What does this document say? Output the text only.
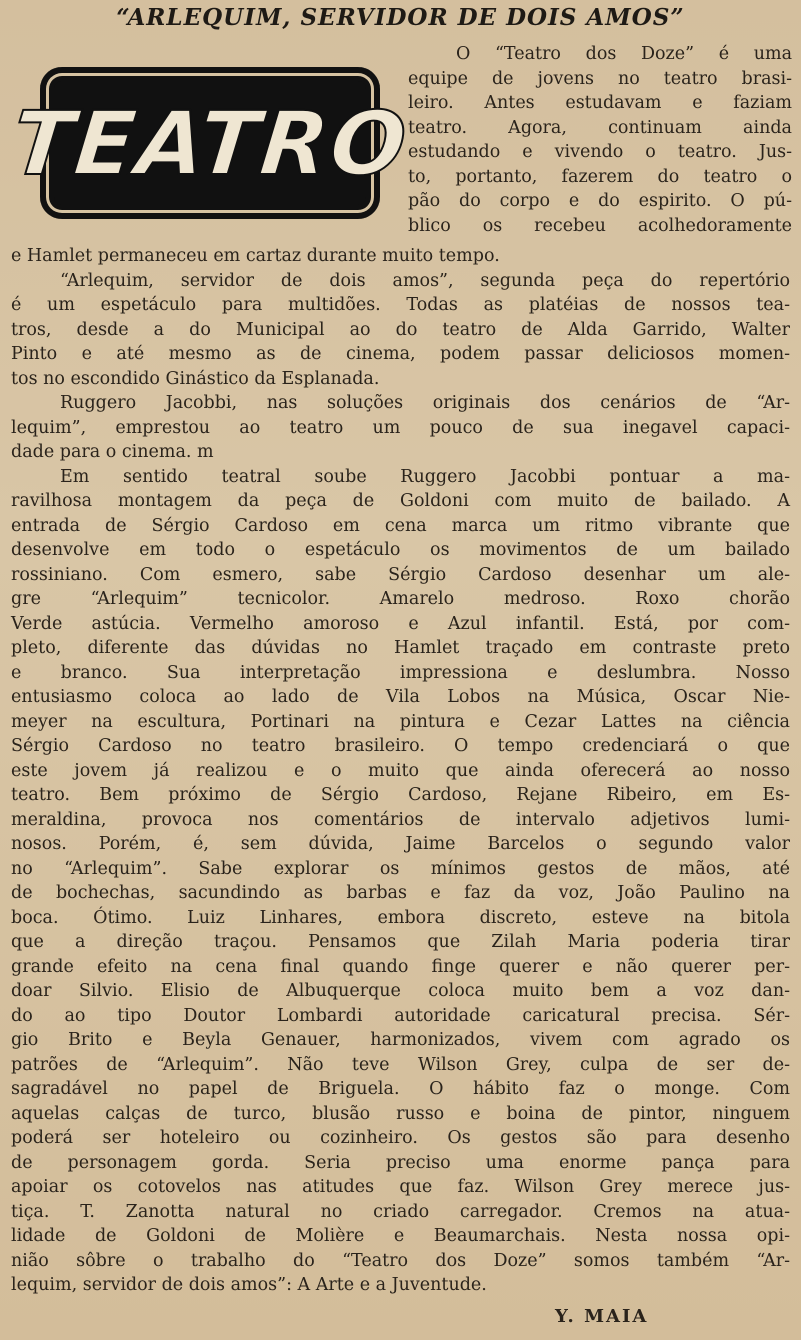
“ARLEQUIM, SERVIDOR DE DOIS AMOS”
TEATRO
O “Teatro dos Doze” é uma
equipe de jovens no teatro brasi-
leiro. Antes estudavam e faziam
teatro. Agora, continuam ainda
estudando e vivendo o teatro. Jus-
to, portanto, fazerem do teatro o
pão do corpo e do espirito. O pú-
blico os recebeu acolhedoramente
e Hamlet permaneceu em cartaz durante muito tempo.
“Arlequim, servidor de dois amos”, segunda peça do repertório
é um espetáculo para multidões. Todas as platéias de nossos tea-
tros, desde a do Municipal ao do teatro de Alda Garrido, Walter
Pinto e até mesmo as de cinema, podem passar deliciosos momen-
tos no escondido Ginástico da Esplanada.
Ruggero Jacobbi, nas soluções originais dos cenários de “Ar-
lequim”, emprestou ao teatro um pouco de sua inegavel capaci-
dade para o cinema. m
Em sentido teatral soube Ruggero Jacobbi pontuar a ma-
ravilhosa montagem da peça de Goldoni com muito de bailado. A
entrada de Sérgio Cardoso em cena marca um ritmo vibrante que
desenvolve em todo o espetáculo os movimentos de um bailado
rossiniano. Com esmero, sabe Sérgio Cardoso desenhar um ale-
gre “Arlequim” tecnicolor. Amarelo medroso. Roxo chorão
Verde astúcia. Vermelho amoroso e Azul infantil. Está, por com-
pleto, diferente das dúvidas no Hamlet traçado em contraste preto
e branco. Sua interpretação impressiona e deslumbra. Nosso
entusiasmo coloca ao lado de Vila Lobos na Música, Oscar Nie-
meyer na escultura, Portinari na pintura e Cezar Lattes na ciência
Sérgio Cardoso no teatro brasileiro. O tempo credenciará o que
este jovem já realizou e o muito que ainda oferecerá ao nosso
teatro. Bem próximo de Sérgio Cardoso, Rejane Ribeiro, em Es-
meraldina, provoca nos comentários de intervalo adjetivos lumi-
nosos. Porém, é, sem dúvida, Jaime Barcelos o segundo valor
no “Arlequim”. Sabe explorar os mínimos gestos de mãos, até
de bochechas, sacundindo as barbas e faz da voz, João Paulino na
boca. Ótimo. Luiz Linhares, embora discreto, esteve na bitola
que a direção traçou. Pensamos que Zilah Maria poderia tirar
grande efeito na cena final quando finge querer e não querer per-
doar Silvio. Elisio de Albuquerque coloca muito bem a voz dan-
do ao tipo Doutor Lombardi autoridade caricatural precisa. Sér-
gio Brito e Beyla Genauer, harmonizados, vivem com agrado os
patrões de “Arlequim”. Não teve Wilson Grey, culpa de ser de-
sagradável no papel de Briguela. O hábito faz o monge. Com
aquelas calças de turco, blusão russo e boina de pintor, ninguem
poderá ser hoteleiro ou cozinheiro. Os gestos são para desenho
de personagem gorda. Seria preciso uma enorme pança para
apoiar os cotovelos nas atitudes que faz. Wilson Grey merece jus-
tiça. T. Zanotta natural no criado carregador. Cremos na atua-
lidade de Goldoni de Molière e Beaumarchais. Nesta nossa opi-
nião sôbre o trabalho do “Teatro dos Doze” somos também “Ar-
lequim, servidor de dois amos”: A Arte e a Juventude.
Y. MAIA
